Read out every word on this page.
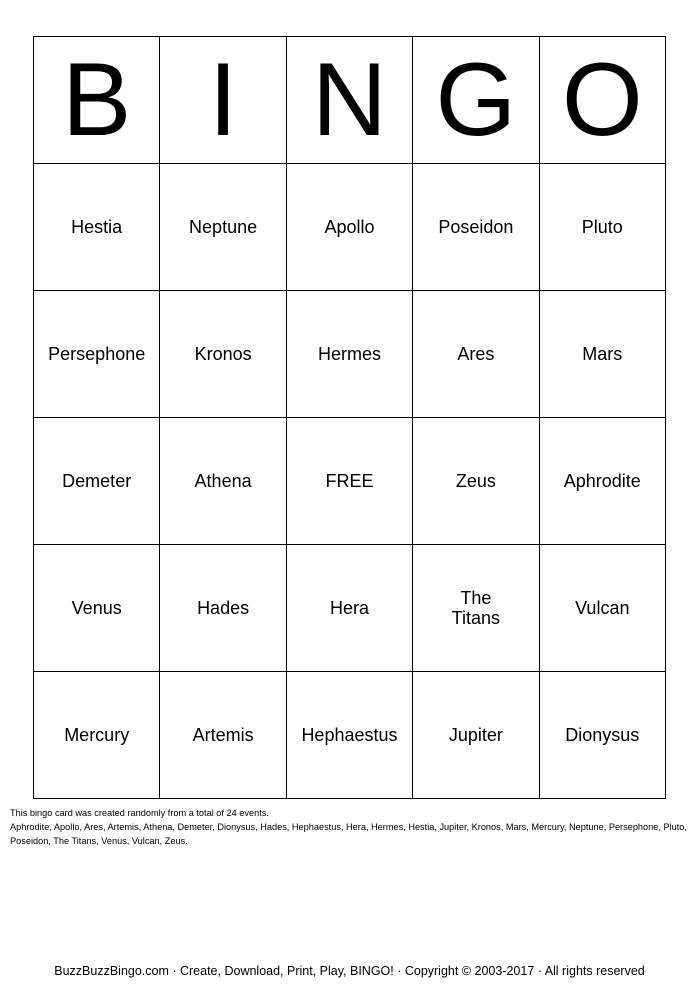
B	I	N	G	O
Hestia	Neptune	Apollo	Poseidon	Pluto
Persephone	Kronos	Hermes	Ares	Mars
Demeter	Athena	FREE	Zeus	Aphrodite
Venus	Hades	Hera	The Titans	Vulcan
Mercury	Artemis	Hephaestus	Jupiter	Dionysus

This bingo card was created randomly from a total of 24 events.

Aphrodite, Apollo, Ares, Artemis, Athena, Demeter, Dionysus, Hades, Hephaestus, Hera, Hermes, Hestia, Jupiter, Kronos, Mars, Mercury, Neptune, Persephone, Pluto, Poseidon, The Titans, Venus, Vulcan, Zeus.

BuzzBuzzBingo.com · Create, Download, Print, Play, BINGO! · Copyright © 2003-2017 · All rights reserved
